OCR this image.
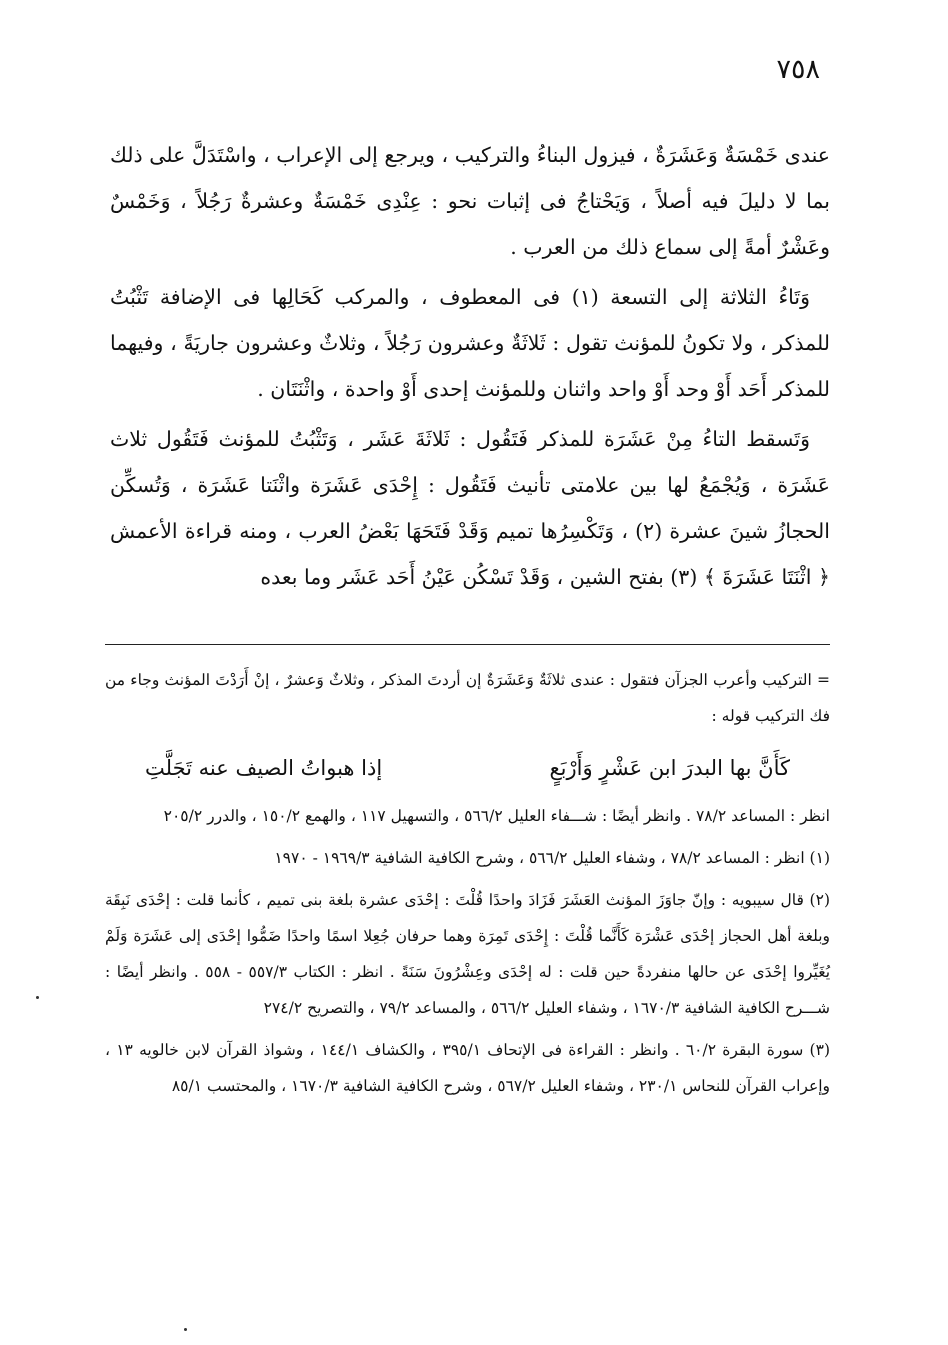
٧٥٨

عندى خَمْسَةٌ وَعَشَرَةٌ ، فيزول البناءُ والتركيب ، ويرجع إلى الإعراب ، واسْتَدَلَّ على ذلك بما لا دليلَ فيه أصلاً ، وَيَحْتاجُ فى إثبات نحو : عِنْدِى خَمْسَةٌ وعشرةٌ رَجُلاً ، وَخَمْسٌ وعَشْرٌ أمةً إلى سماع ذلك من العرب .

وَتَاءُ الثلاثة إلى التسعة (١) فى المعطوف ، والمركب كَحَالِها فى الإضافة تَثْبُتُ للمذكر ، ولا تكونُ للمؤنث تقول : ثَلاثَةٌ وعشرون رَجُلاً ، وثلاثٌ وعشرون جاريَةً ، وفيهما للمذكر أَحَد أَوْ وحد أَوْ واحد واثنان وللمؤنث إحدى أَوْ واحدة ، واثْنَتَان .

وَتَسقط التاءُ مِنْ عَشَرَة للمذكر فَتَقُول : ثَلاثَةَ عَشَر ، وَتَثْبُتُ للمؤنث فَتَقُول ثلاث عَشَرَة ، وَيُجْمَعُ لها بين علامتى تأنيث فَتَقُول : إِحْدَى عَشَرَة واثْنَتا عَشَرَة ، وَتُسكِّن الحجازُ شينَ عشرة (٢) ، وَتَكْسِرُها تميم وَقَدْ فَتَحَهَا بَعْضُ العرب ، ومنه قراءة الأعمش ﴿ اثْنَتَا عَشَرَةَ ﴾ (٣) بفتح الشين ، وَقَدْ تَسْكُن عَيْنُ أَحَد عَشَر وما بعده

= التركيب وأعرب الجزآن فتقول : عندى ثلاثَةٌ وَعَشَرَةٌ إن أردتَ المذكر ، وثلاثٌ وَعشرٌ ، إنْ أَرَدْتَ المؤنث وجاء من فك التركيب قوله :

كَأَنَّ بها البدرَ ابن عَشْرٍ وَأَرْبَعٍ
إذا هبواتُ الصيف عنه تَجَلَّتِ

انظر : المساعد ٧٨/٢ . وانظر أيضًا : شـــفاء العليل ٥٦٦/٢ ، والتسهيل ١١٧ ، والهمع ١٥٠/٢ ، والدرر ٢٠٥/٢

(١) انظر : المساعد ٧٨/٢ ، وشفاء العليل ٥٦٦/٢ ، وشرح الكافية الشافية ١٩٦٩/٣ - ١٩٧٠

(٢) قال سيبويه : وإنّ جاوَزَ المؤنث العَشَرَ فَزَادَ واحدًا قُلْتَ : إحْدَى عشرة بلغة بنى تميم ، كأنما قلت : إحْدَى نَبِقَة وبلغة أهل الحجاز إحْدَى عَشْرَة كَأَنَّما قُلْتَ : إِحْدَى تَمِرَة وهما حرفان جُعِلا اسمًا واحدًا ضَمُّوا إحْدَى إلى عَشَرَة وَلَمْ يُغَيِّروا إحْدَى عن حالها منفردةً حين قلت : له إحْدَى وعِشْرُونَ سَنَةً . انظر : الكتاب ٥٥٧/٣ - ٥٥٨ . وانظر أيضًا : شـــرح الكافية الشافية ١٦٧٠/٣ ، وشفاء العليل ٥٦٦/٢ ، والمساعد ٧٩/٢ ، والتصريح ٢٧٤/٢

(٣) سورة البقرة ٦٠/٢ . وانظر : القراءة فى الإتحاف ٣٩٥/١ ، والكشاف ١٤٤/١ ، وشواذ القرآن لابن خالويه ١٣ ، وإعراب القرآن للنحاس ٢٣٠/١ ، وشفاء العليل ٥٦٧/٢ ، وشرح الكافية الشافية ١٦٧٠/٣ ، والمحتسب ٨٥/١
